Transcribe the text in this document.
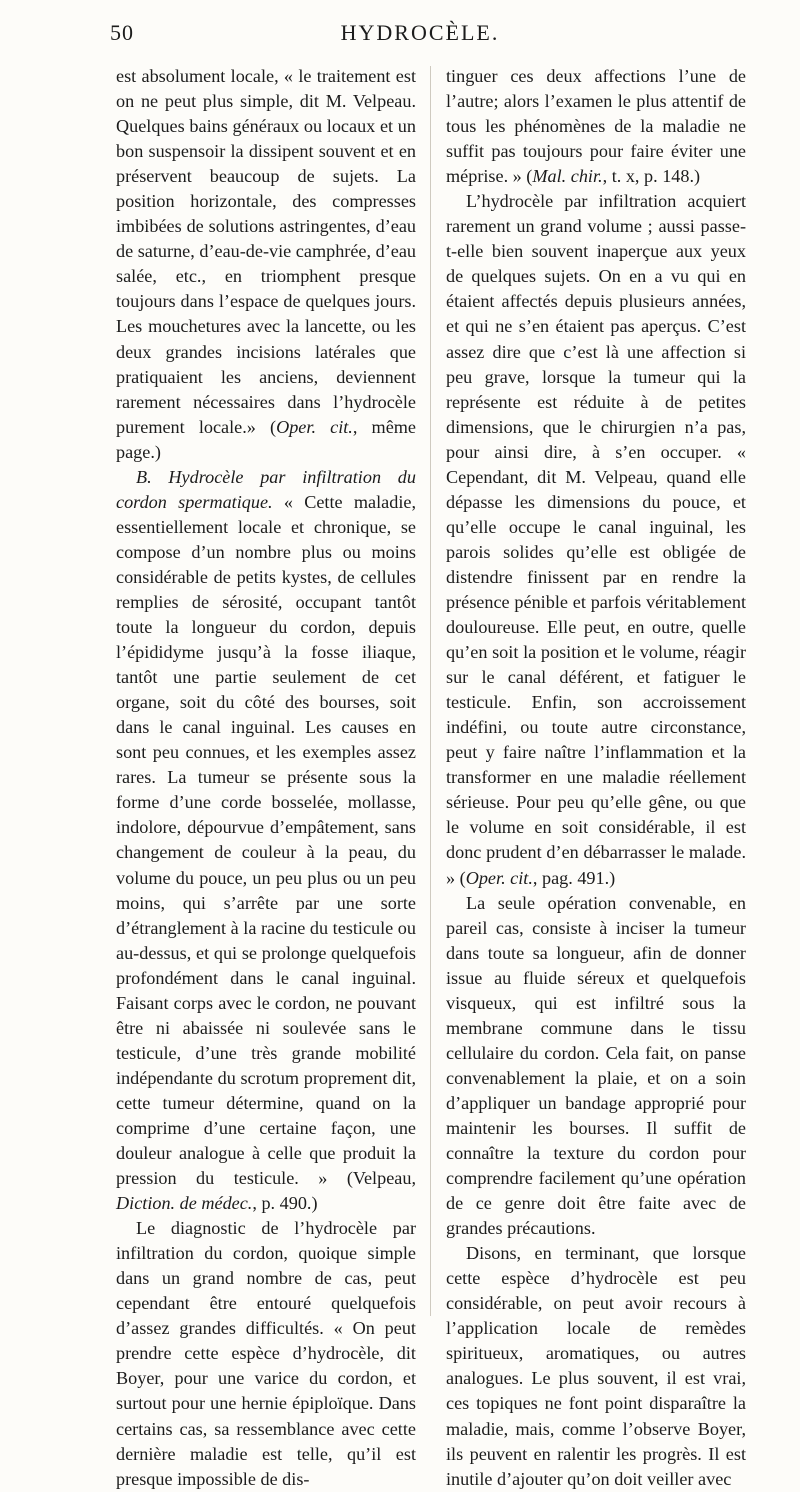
50	HYDROCÈLE.

est absolument locale, « le traitement est on ne peut plus simple, dit M. Velpeau. Quelques bains généraux ou locaux et un bon suspensoir la dissipent souvent et en préservent beaucoup de sujets. La position horizontale, des compresses imbibées de solutions astringentes, d’eau de saturne, d’eau-de-vie camphrée, d’eau salée, etc., en triomphent presque toujours dans l’espace de quelques jours. Les mouchetures avec la lancette, ou les deux grandes incisions latérales que pratiquaient les anciens, deviennent rarement nécessaires dans l’hydrocèle purement locale.» (Oper. cit., même page.)

B. Hydrocèle par infiltration du cordon spermatique. « Cette maladie, essentiellement locale et chronique, se compose d’un nombre plus ou moins considérable de petits kystes, de cellules remplies de sérosité, occupant tantôt toute la longueur du cordon, depuis l’épididyme jusqu’à la fosse iliaque, tantôt une partie seulement de cet organe, soit du côté des bourses, soit dans le canal inguinal. Les causes en sont peu connues, et les exemples assez rares. La tumeur se présente sous la forme d’une corde bosselée, mollasse, indolore, dépourvue d’empâtement, sans changement de couleur à la peau, du volume du pouce, un peu plus ou un peu moins, qui s’arrête par une sorte d’étranglement à la racine du testicule ou au-dessus, et qui se prolonge quelquefois profondément dans le canal inguinal. Faisant corps avec le cordon, ne pouvant être ni abaissée ni soulevée sans le testicule, d’une très grande mobilité indépendante du scrotum proprement dit, cette tumeur détermine, quand on la comprime d’une certaine façon, une douleur analogue à celle que produit la pression du testicule. » (Velpeau, Diction. de médec., p. 490.)

Le diagnostic de l’hydrocèle par infiltration du cordon, quoique simple dans un grand nombre de cas, peut cependant être entouré quelquefois d’assez grandes difficultés. « On peut prendre cette espèce d’hydrocèle, dit Boyer, pour une varice du cordon, et surtout pour une hernie épiploïque. Dans certains cas, sa ressemblance avec cette dernière maladie est telle, qu’il est presque impossible de dis-

tinguer ces deux affections l’une de l’autre; alors l’examen le plus attentif de tous les phénomènes de la maladie ne suffit pas toujours pour faire éviter une méprise. » (Mal. chir., t. x, p. 148.)

L’hydrocèle par infiltration acquiert rarement un grand volume ; aussi passe-t-elle bien souvent inaperçue aux yeux de quelques sujets. On en a vu qui en étaient affectés depuis plusieurs années, et qui ne s’en étaient pas aperçus. C’est assez dire que c’est là une affection si peu grave, lorsque la tumeur qui la représente est réduite à de petites dimensions, que le chirurgien n’a pas, pour ainsi dire, à s’en occuper. « Cependant, dit M. Velpeau, quand elle dépasse les dimensions du pouce, et qu’elle occupe le canal inguinal, les parois solides qu’elle est obligée de distendre finissent par en rendre la présence pénible et parfois véritablement douloureuse. Elle peut, en outre, quelle qu’en soit la position et le volume, réagir sur le canal déférent, et fatiguer le testicule. Enfin, son accroissement indéfini, ou toute autre circonstance, peut y faire naître l’inflammation et la transformer en une maladie réellement sérieuse. Pour peu qu’elle gêne, ou que le volume en soit considérable, il est donc prudent d’en débarrasser le malade. » (Oper. cit., pag. 491.)

La seule opération convenable, en pareil cas, consiste à inciser la tumeur dans toute sa longueur, afin de donner issue au fluide séreux et quelquefois visqueux, qui est infiltré sous la membrane commune dans le tissu cellulaire du cordon. Cela fait, on panse convenablement la plaie, et on a soin d’appliquer un bandage approprié pour maintenir les bourses. Il suffit de connaître la texture du cordon pour comprendre facilement qu’une opération de ce genre doit être faite avec de grandes précautions.

Disons, en terminant, que lorsque cette espèce d’hydrocèle est peu considérable, on peut avoir recours à l’application locale de remèdes spiritueux, aromatiques, ou autres analogues. Le plus souvent, il est vrai, ces topiques ne font point disparaître la maladie, mais, comme l’observe Boyer, ils peuvent en ralentir les progrès. Il est inutile d’ajouter qu’on doit veiller avec
